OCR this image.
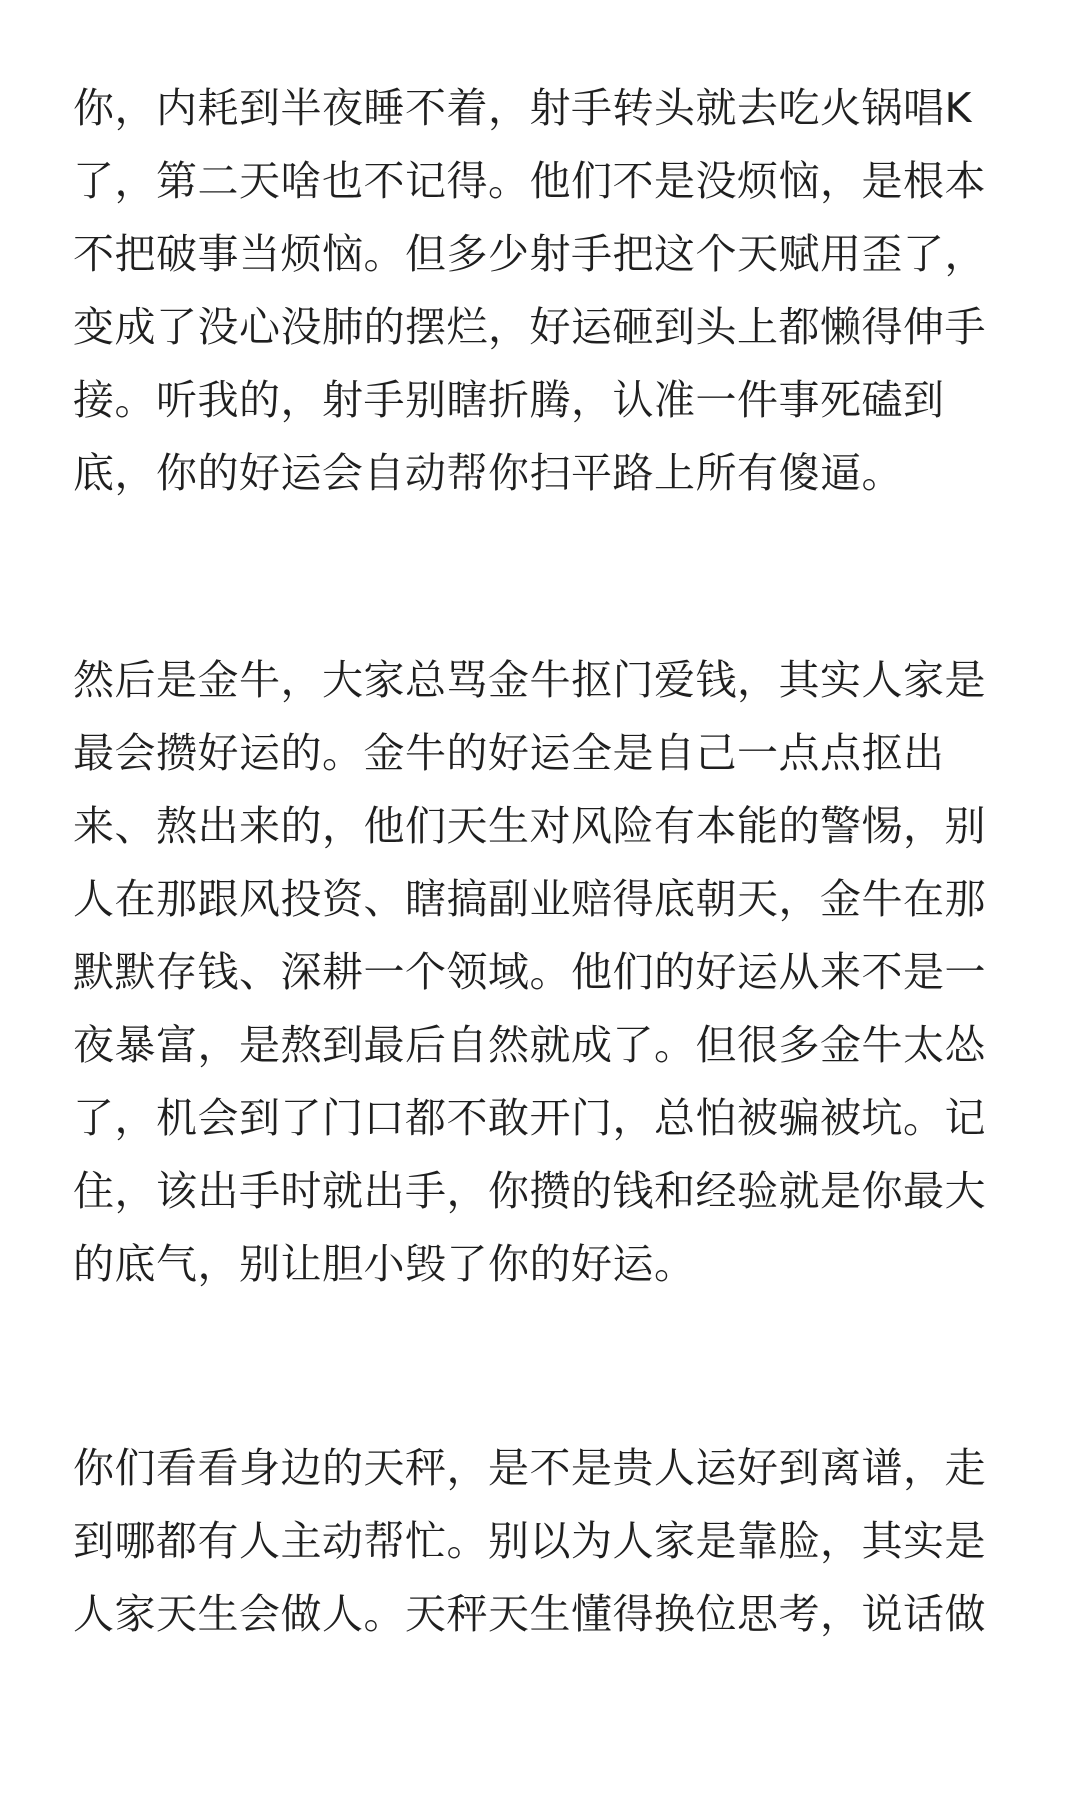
你，内耗到半夜睡不着，射手转头就去吃火锅唱K
了，第二天啥也不记得。他们不是没烦恼，是根本
不把破事当烦恼。但多少射手把这个天赋用歪了，
变成了没心没肺的摆烂，好运砸到头上都懒得伸手
接。听我的，射手别瞎折腾，认准一件事死磕到
底，你的好运会自动帮你扫平路上所有傻逼。

然后是金牛，大家总骂金牛抠门爱钱，其实人家是
最会攒好运的。金牛的好运全是自己一点点抠出
来、熬出来的，他们天生对风险有本能的警惕，别
人在那跟风投资、瞎搞副业赔得底朝天，金牛在那
默默存钱、深耕一个领域。他们的好运从来不是一
夜暴富，是熬到最后自然就成了。但很多金牛太怂
了，机会到了门口都不敢开门，总怕被骗被坑。记
住，该出手时就出手，你攒的钱和经验就是你最大
的底气，别让胆小毁了你的好运。

你们看看身边的天秤，是不是贵人运好到离谱，走
到哪都有人主动帮忙。别以为人家是靠脸，其实是
人家天生会做人。天秤天生懂得换位思考，说话做
